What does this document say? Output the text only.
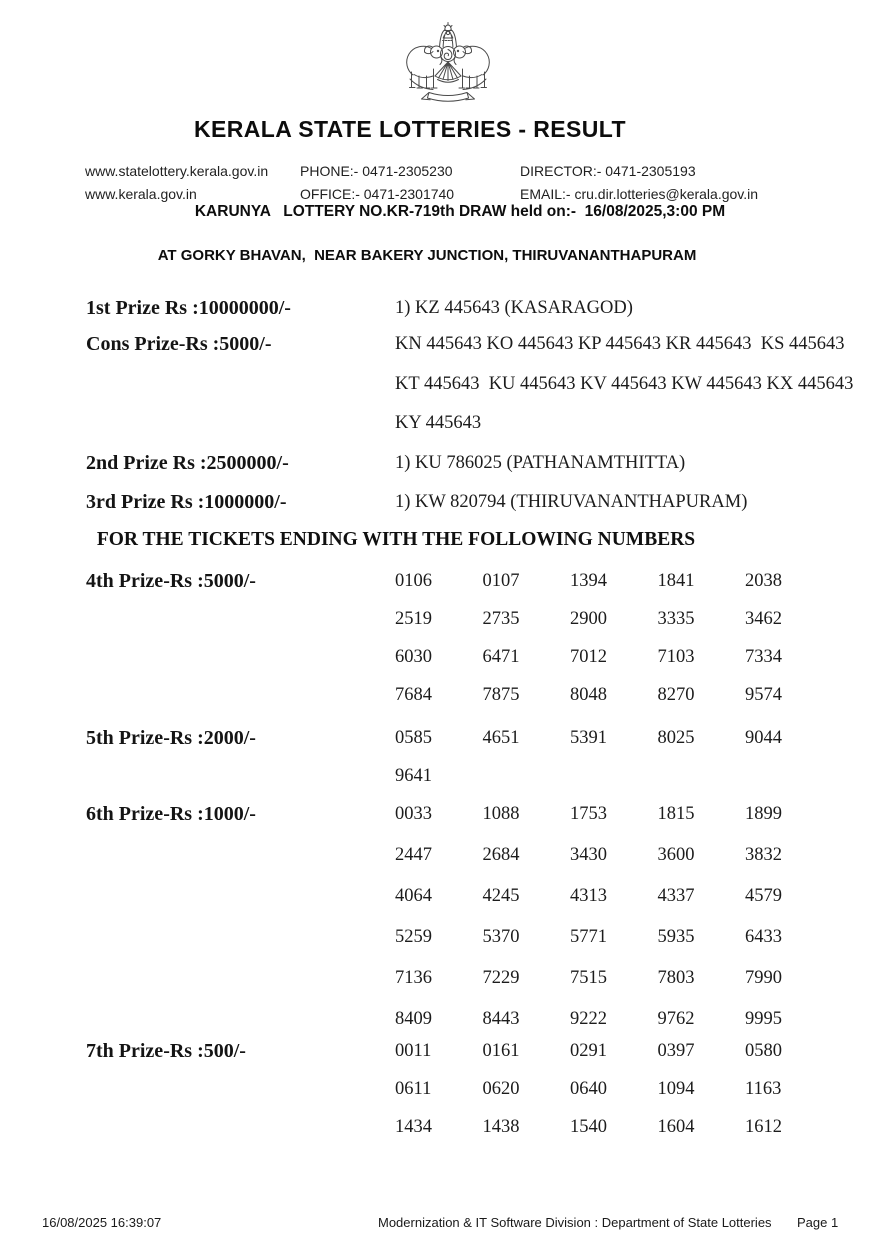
KERALA STATE LOTTERIES - RESULT
www.statelottery.kerala.gov.in	PHONE:- 0471-2305230	DIRECTOR:- 0471-2305193
www.kerala.gov.in	OFFICE:- 0471-2301740	EMAIL:- cru.dir.lotteries@kerala.gov.in
KARUNYA   LOTTERY NO.KR-719th DRAW held on:-  16/08/2025,3:00 PM
AT GORKY BHAVAN,  NEAR BAKERY JUNCTION, THIRUVANANTHAPURAM
1st Prize Rs :10000000/-	1) KZ 445643 (KASARAGOD)
Cons Prize-Rs :5000/-	KN 445643 KO 445643 KP 445643 KR 445643  KS 445643
KT 445643  KU 445643 KV 445643 KW 445643 KX 445643
KY 445643
2nd Prize Rs :2500000/-	1) KU 786025 (PATHANAMTHITTA)
3rd Prize Rs :1000000/-	1) KW 820794 (THIRUVANANTHAPURAM)
FOR THE TICKETS ENDING WITH THE FOLLOWING NUMBERS
4th Prize-Rs :5000/-	0106	0107	1394	1841	2038
2519	2735	2900	3335	3462
6030	6471	7012	7103	7334
7684	7875	8048	8270	9574
5th Prize-Rs :2000/-	0585	4651	5391	8025	9044
9641
6th Prize-Rs :1000/-	0033	1088	1753	1815	1899
2447	2684	3430	3600	3832
4064	4245	4313	4337	4579
5259	5370	5771	5935	6433
7136	7229	7515	7803	7990
8409	8443	9222	9762	9995
7th Prize-Rs :500/-	0011	0161	0291	0397	0580
0611	0620	0640	1094	1163
1434	1438	1540	1604	1612
16/08/2025 16:39:07	Modernization & IT Software Division : Department of State Lotteries Page 1
